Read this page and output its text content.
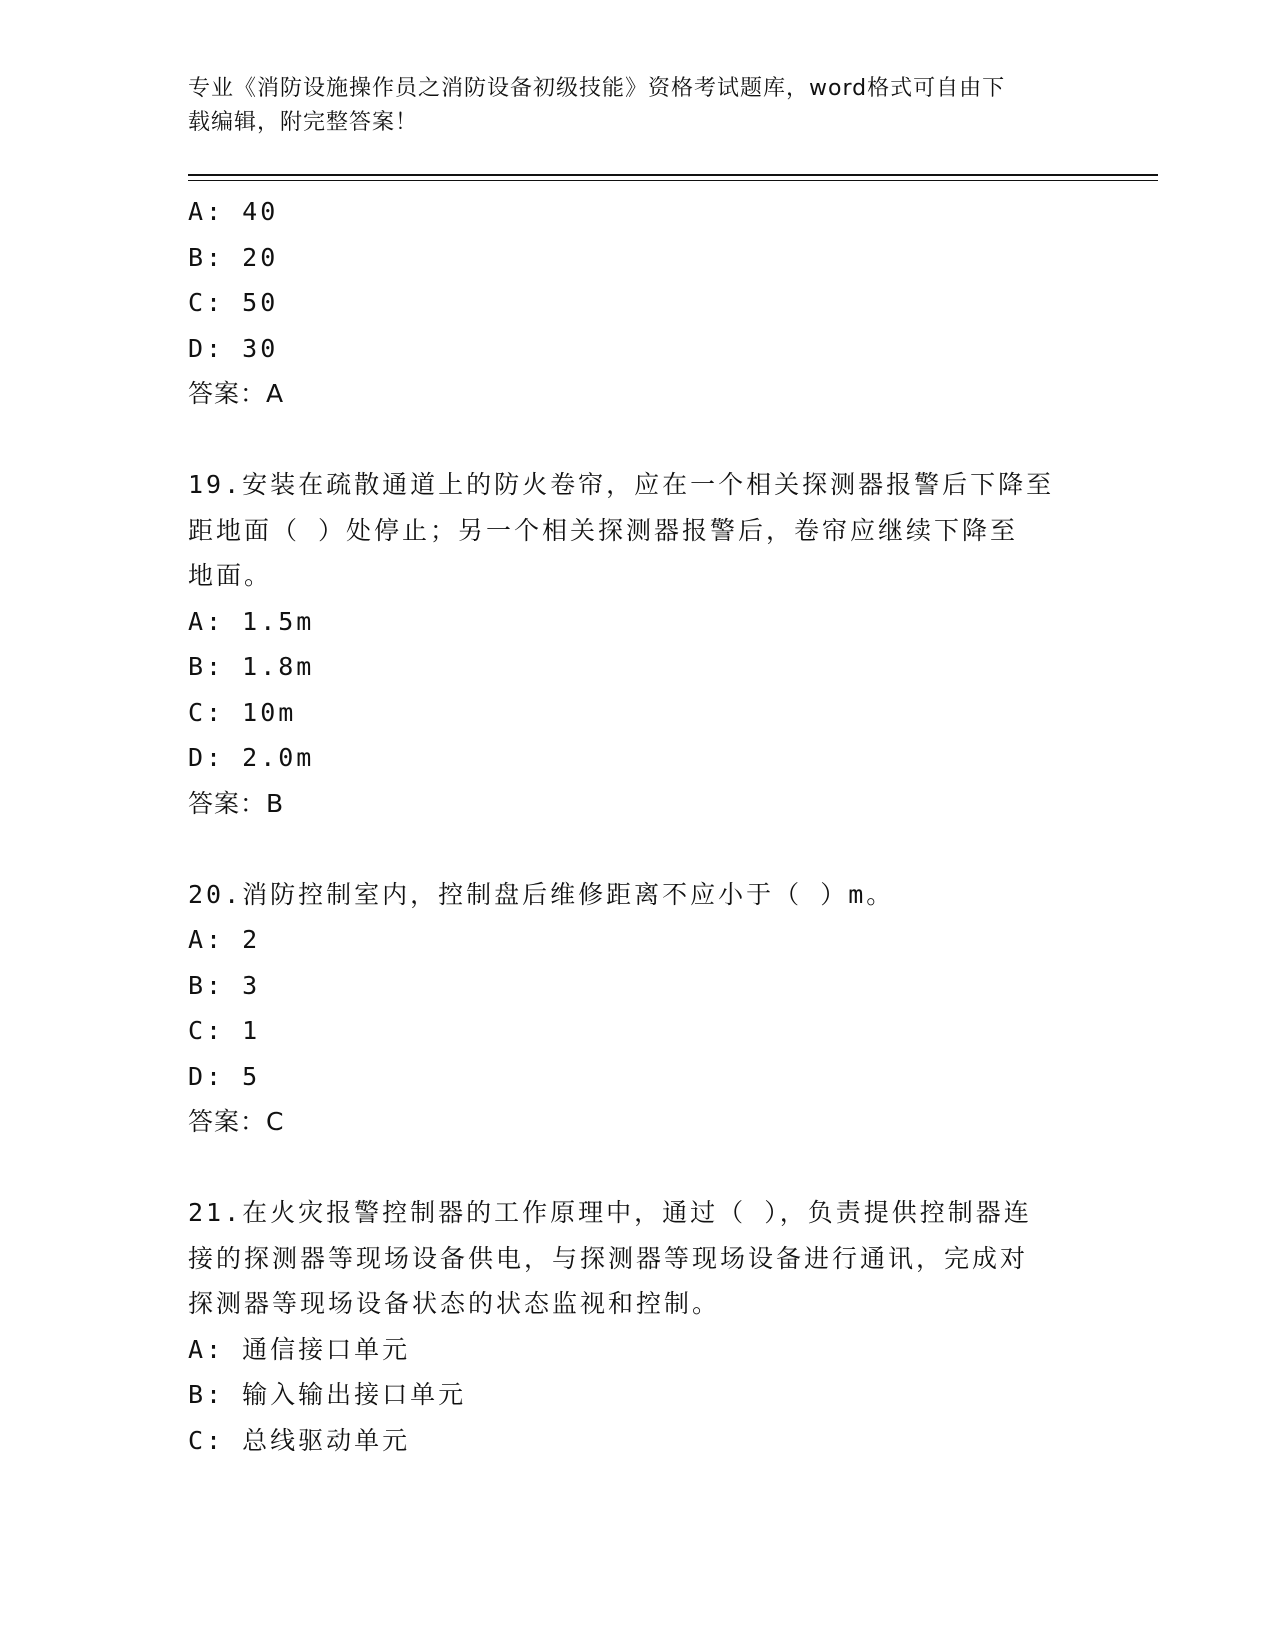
专业《消防设施操作员之消防设备初级技能》资格考试题库，word格式可自由下
载编辑，附完整答案！
A: 40
B: 20
C: 50
D: 30
答案：A
19.安装在疏散通道上的防火卷帘，应在一个相关探测器报警后下降至
距地面（ ）处停止；另一个相关探测器报警后，卷帘应继续下降至
地面。
A: 1.5m
B: 1.8m
C: 10m
D: 2.0m
答案：B
20.消防控制室内，控制盘后维修距离不应小于（ ）m。
A: 2
B: 3
C: 1
D: 5
答案：C
21.在火灾报警控制器的工作原理中，通过（ ），负责提供控制器连
接的探测器等现场设备供电，与探测器等现场设备进行通讯，完成对
探测器等现场设备状态的状态监视和控制。
A: 通信接口单元
B: 输入输出接口单元
C: 总线驱动单元
